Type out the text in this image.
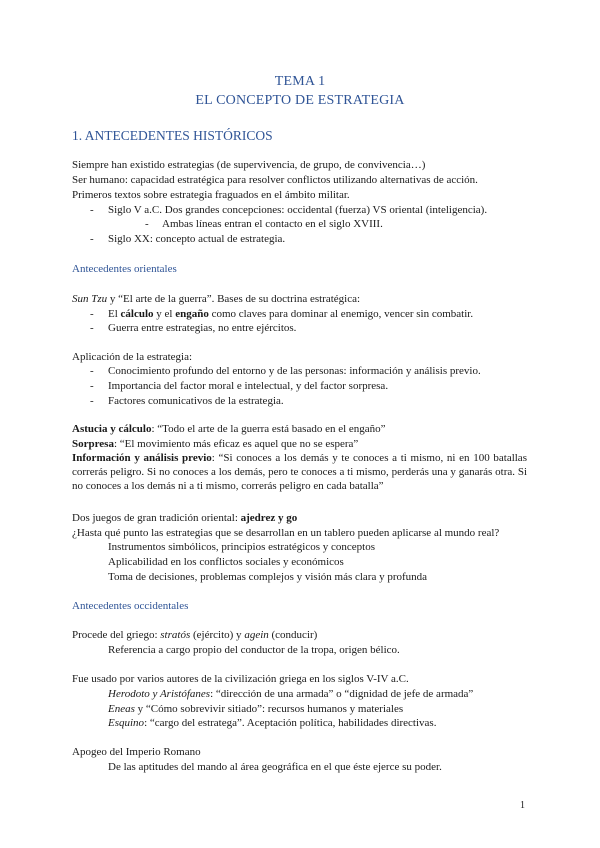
TEMA 1
EL CONCEPTO DE ESTRATEGIA
1. ANTECEDENTES HISTÓRICOS
Siempre han existido estrategias (de supervivencia, de grupo, de convivencia…)
Ser humano: capacidad estratégica para resolver conflictos utilizando alternativas de acción.
Primeros textos sobre estrategia fraguados en el ámbito militar.
- Siglo V a.C. Dos grandes concepciones: occidental (fuerza) VS oriental (inteligencia).
- Ambas líneas entran el contacto en el siglo XVIII.
- Siglo XX: concepto actual de estrategia.
Antecedentes orientales
Sun Tzu y “El arte de la guerra”. Bases de su doctrina estratégica:
- El cálculo y el engaño como claves para dominar al enemigo, vencer sin combatir.
- Guerra entre estrategias, no entre ejércitos.
Aplicación de la estrategia:
- Conocimiento profundo del entorno y de las personas: información y análisis previo.
- Importancia del factor moral e intelectual, y del factor sorpresa.
- Factores comunicativos de la estrategia.
Astucia y cálculo: “Todo el arte de la guerra está basado en el engaño”
Sorpresa: “El movimiento más eficaz es aquel que no se espera”
Información y análisis previo: “Si conoces a los demás y te conoces a ti mismo, ni en 100 batallas correrás peligro. Si no conoces a los demás, pero te conoces a ti mismo, perderás una y ganarás otra. Si no conoces a los demás ni a ti mismo, correrás peligro en cada batalla”
Dos juegos de gran tradición oriental: ajedrez y go
¿Hasta qué punto las estrategias que se desarrollan en un tablero pueden aplicarse al mundo real?
Instrumentos simbólicos, principios estratégicos y conceptos
Aplicabilidad en los conflictos sociales y económicos
Toma de decisiones, problemas complejos y visión más clara y profunda
Antecedentes occidentales
Procede del griego: stratós (ejército) y agein (conducir)
Referencia a cargo propio del conductor de la tropa, origen bélico.
Fue usado por varios autores de la civilización griega en los siglos V-IV a.C.
Herodoto y Aristófanes: “dirección de una armada” o “dignidad de jefe de armada”
Eneas y “Cómo sobrevivir sitiado”: recursos humanos y materiales
Esquino: “cargo del estratega”. Aceptación política, habilidades directivas.
Apogeo del Imperio Romano
De las aptitudes del mando al área geográfica en el que éste ejerce su poder.
1
